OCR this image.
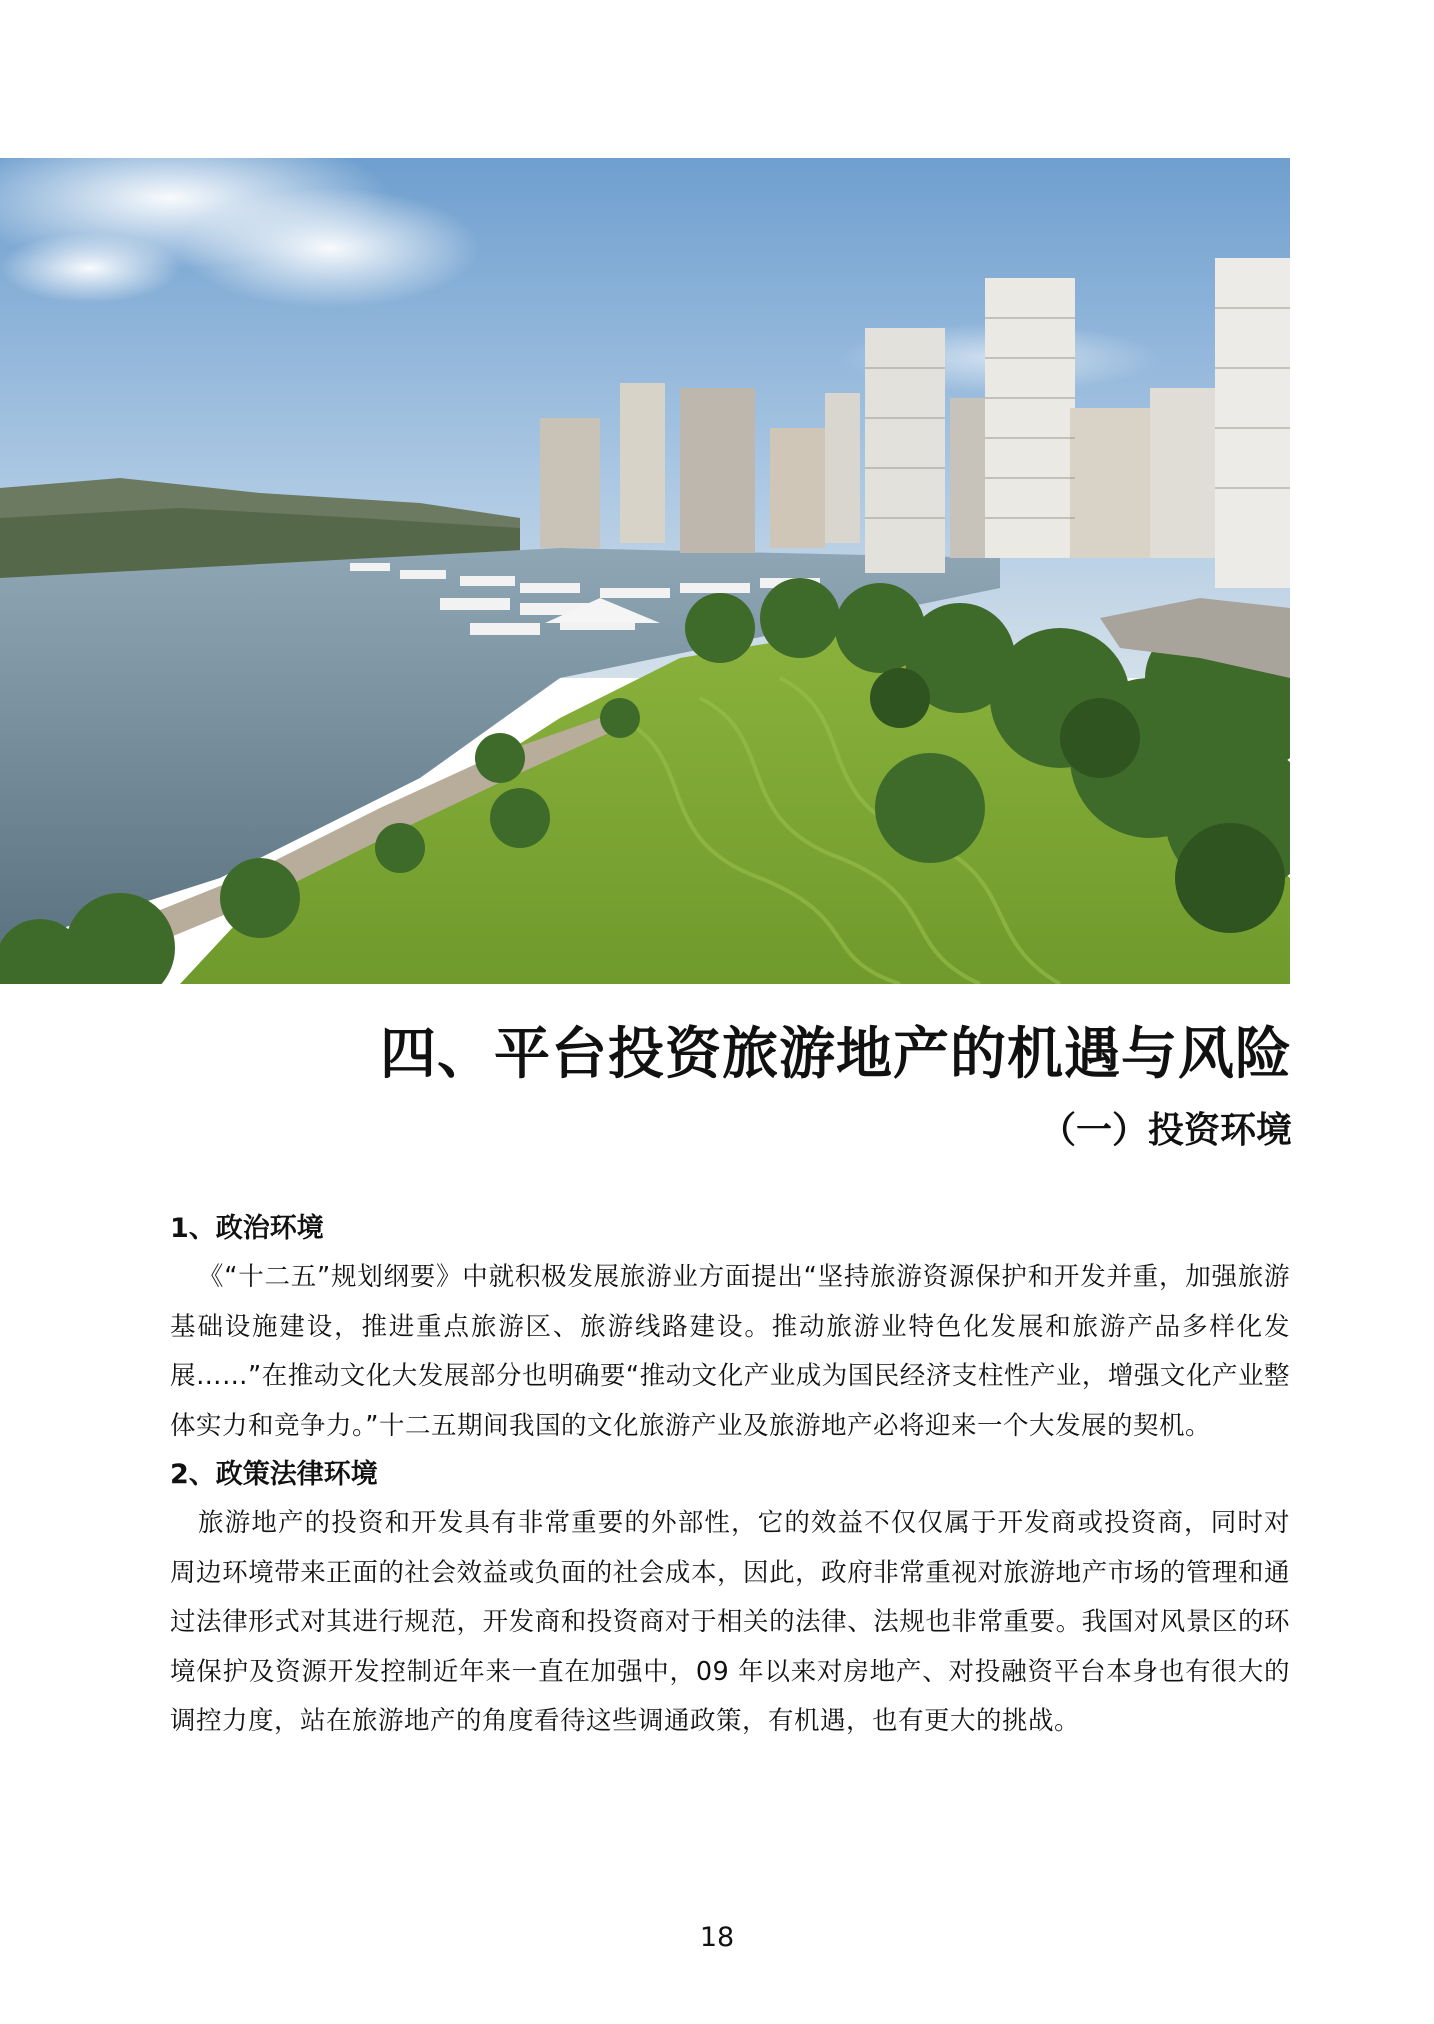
四、平台投资旅游地产的机遇与风险
（一）投资环境
1、政治环境

《“十二五”规划纲要》中就积极发展旅游业方面提出“坚持旅游资源保护和开发并重，加强旅游基础设施建设，推进重点旅游区、旅游线路建设。推动旅游业特色化发展和旅游产品多样化发展……”在推动文化大发展部分也明确要“推动文化产业成为国民经济支柱性产业，增强文化产业整体实力和竞争力。”十二五期间我国的文化旅游产业及旅游地产必将迎来一个大发展的契机。

2、政策法律环境

旅游地产的投资和开发具有非常重要的外部性，它的效益不仅仅属于开发商或投资商，同时对周边环境带来正面的社会效益或负面的社会成本，因此，政府非常重视对旅游地产市场的管理和通过法律形式对其进行规范，开发商和投资商对于相关的法律、法规也非常重要。我国对风景区的环境保护及资源开发控制近年来一直在加强中，09 年以来对房地产、对投融资平台本身也有很大的调控力度，站在旅游地产的角度看待这些调通政策，有机遇，也有更大的挑战。

18
